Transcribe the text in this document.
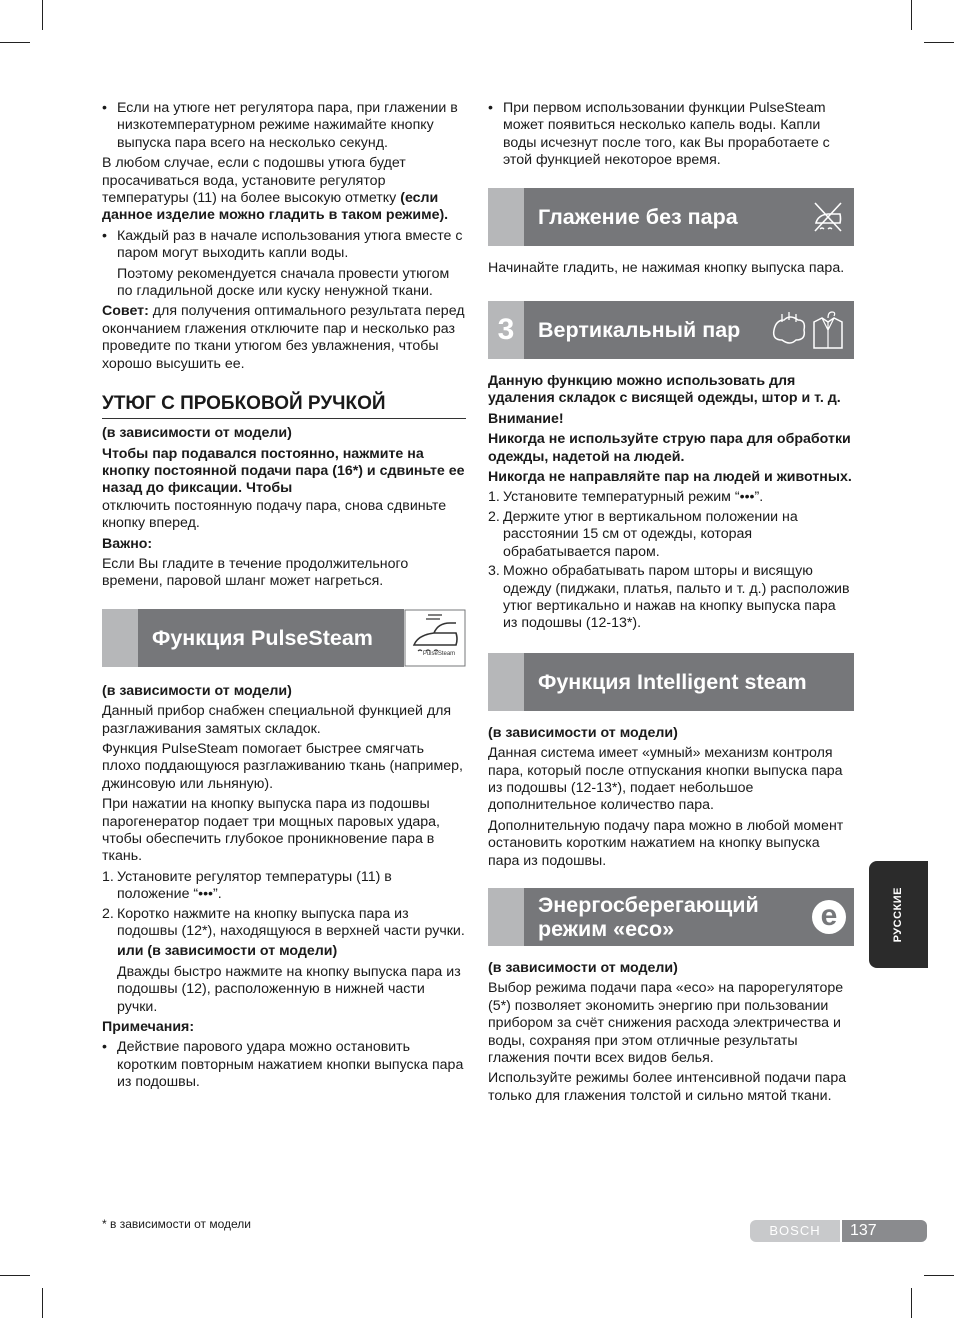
• Если на утюге нет регулятора пара, при глажении в низкотемпературном режиме нажимайте кнопку выпуска пара всего на несколько секунд.

В любом случае, если с подошвы утюга будет просачиваться вода, установите регулятор температуры (11) на более высокую отметку (если данное изделие можно гладить в таком режиме).

• Каждый раз в начале использования утюга вместе с паром могут выходить капли воды.
Поэтому рекомендуется сначала провести утюгом по гладильной доске или куску ненужной ткани.

Совет: для получения оптимального результата перед окончанием глажения отключите пар и несколько раз проведите по ткани утюгом без увлажнения, чтобы хорошо высушить ее.

УТЮГ С ПРОБКОВОЙ РУЧКОЙ

(в зависимости от модели)

Чтобы пар подавался постоянно, нажмите на кнопку постоянной подачи пара (16*) и сдвиньте ее назад до фиксации. Чтобы

отключить постоянную подачу пара, снова сдвиньте кнопку вперед.

Важно:

Если Вы гладите в течение продолжительного времени, паровой шланг может нагреться.

Функция PulseSteam

(в зависимости от модели)

Данный прибор снабжен специальной функцией для разглаживания замятых складок.

Функция PulseSteam помогает быстрее смягчать плохо поддающуюся разглаживанию ткань (например, джинсовую или льняную).

При нажатии на кнопку выпуска пара из подошвы парогенератор подает три мощных паровых удара, чтобы обеспечить глубокое проникновение пара в ткань.

1. Установите регулятор температуры (11) в положение “•••”.
2. Коротко нажмите на кнопку выпуска пара из подошвы (12*), находящуюся в верхней части ручки.

или (в зависимости от модели)

Дважды быстро нажмите на кнопку выпуска пара из подошвы (12), расположенную в нижней части ручки.

Примечания:

• Действие парового удара можно остановить коротким повторным нажатием кнопки выпуска пара из подошвы.
• При первом использовании функции PulseSteam может появиться несколько капель воды. Капли воды исчезнут после того, как Вы проработаете с этой функцией некоторое время.
Глажение без пара

Начинайте гладить, не нажимая кнопку выпуска пара.

3	Вертикальный пар

Данную функцию можно использовать для удаления складок с висящей одежды, штор и т. д.

Внимание!

Никогда не используйте струю пара для обработки одежды, надетой на людей.

Никогда не направляйте пар на людей и животных.

1. Установите температурный режим “•••”.
2. Держите утюг в вертикальном положении на расстоянии 15 см от одежды, которая обрабатывается паром.
3. Можно обрабатывать паром шторы и висящую одежду (пиджаки, платья, пальто и т. д.) расположив утюг вертикально и нажав на кнопку выпуска пара из подошвы (12-13*).
Функция Intelligent steam

(в зависимости от модели)

Данная система имеет «умный» механизм контроля пара, который после отпускания кнопки выпуска пара из подошвы (12-13*), подает небольшое дополнительное количество пара.

Дополнительную подачу пара можно в любой момент остановить коротким нажатием на кнопку выпуска пара из подошвы.

Энергосберегающий режим «eco»	e

(в зависимости от модели)

Выбор режима подачи пара «eco» на парорегуляторе (5*) позволяет экономить энергию при пользовании прибором за счёт снижения расхода электричества и воды, сохраняя при этом отличные результаты глажения почти всех видов белья.

Используйте режимы более интенсивной подачи пара только для глажения толстой и сильно мятой ткани.

РУССКИЕ
* в зависимости от модели	BOSCH	137
